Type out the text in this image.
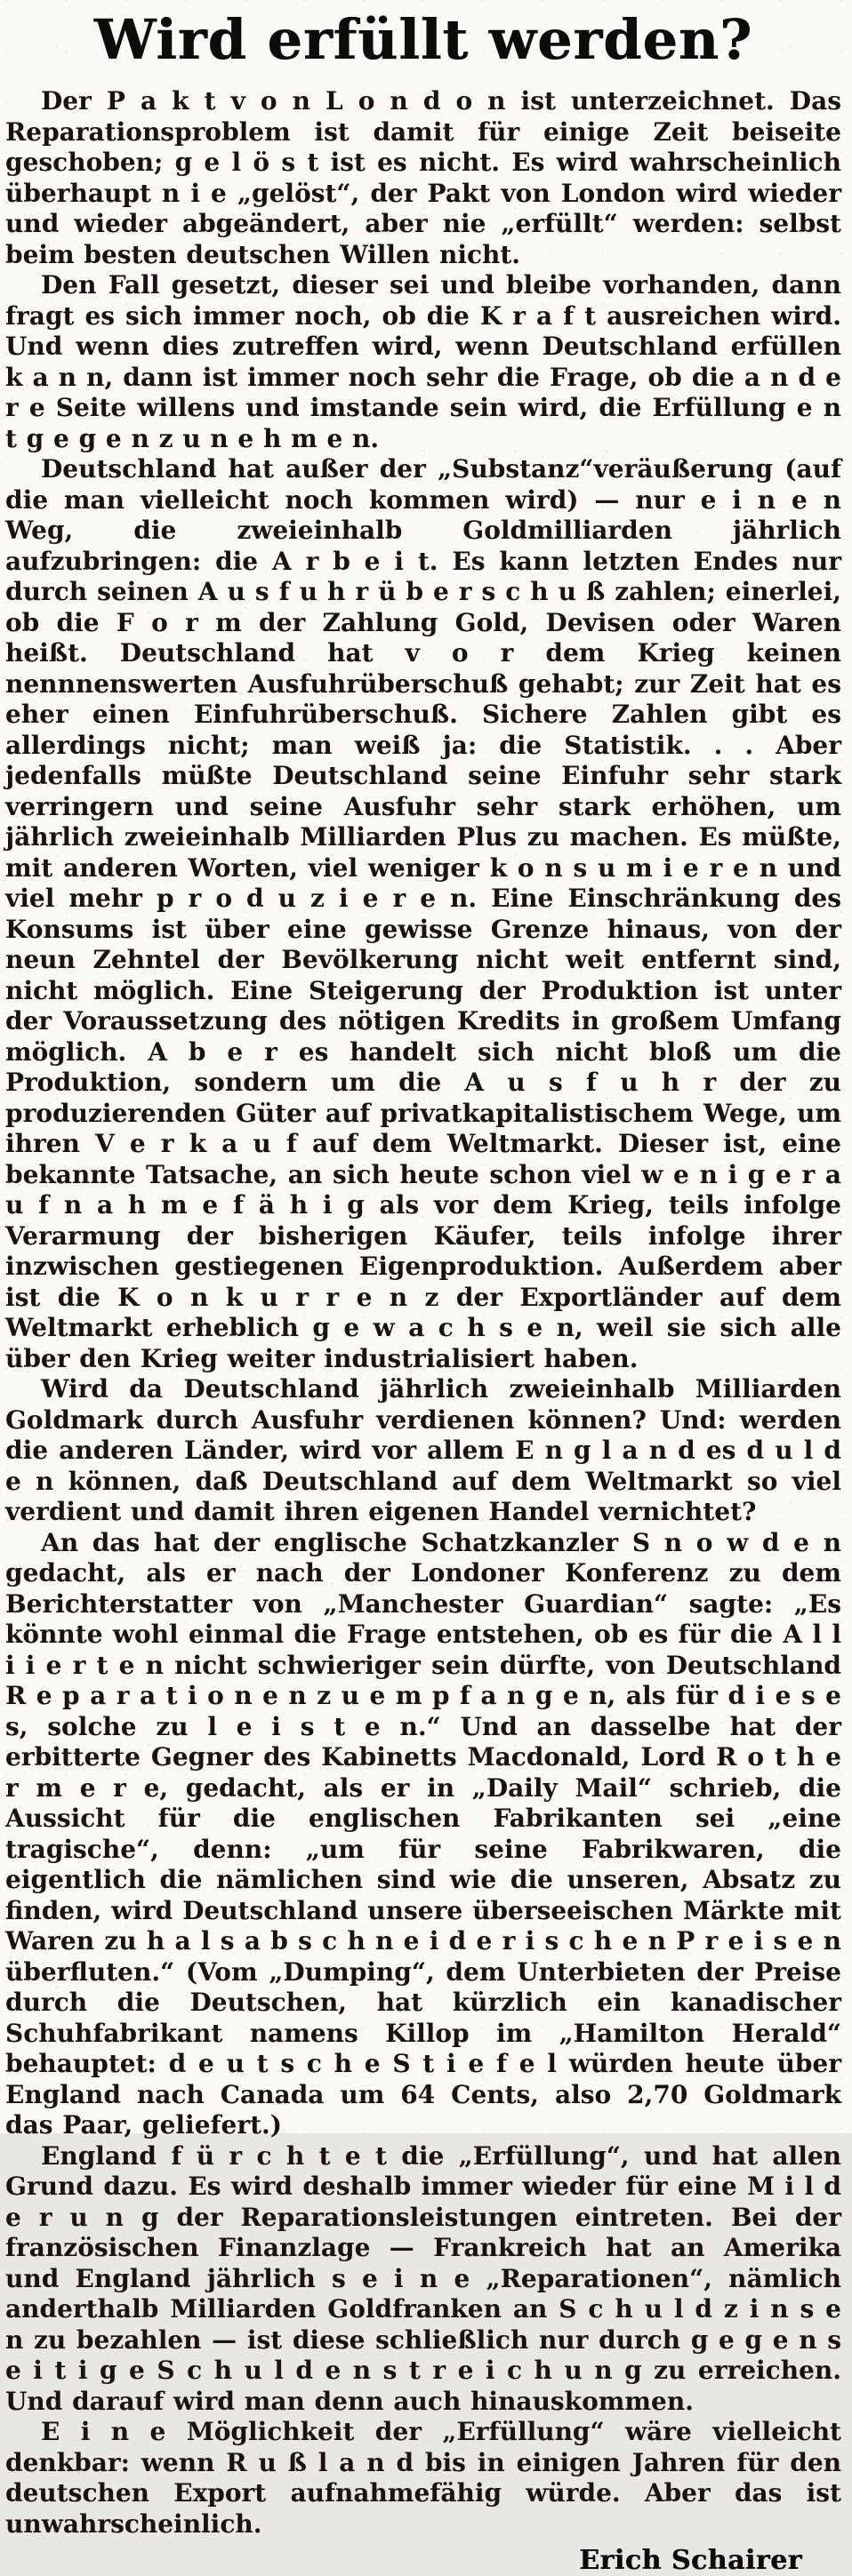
Wird erfüllt werden?

Der P a k t v o n L o n d o n ist unterzeichnet. Das Reparationsproblem ist damit für einige Zeit beiseite geschoben; g e l ö s t ist es nicht. Es wird wahrscheinlich überhaupt n i e „gelöst“, der Pakt von London wird wieder und wieder abgeändert, aber nie „erfüllt“ werden: selbst beim besten deutschen Willen nicht.

Den Fall gesetzt, dieser sei und bleibe vorhanden, dann fragt es sich immer noch, ob die K r a f t ausreichen wird. Und wenn dies zutreffen wird, wenn Deutschland erfüllen k a n n, dann ist immer noch sehr die Frage, ob die a n d e r e Seite willens und imstande sein wird, die Erfüllung e n t g e g e n z u n e h m e n.

Deutschland hat außer der „Substanz“veräußerung (auf die man vielleicht noch kommen wird) — nur e i n e n Weg, die zweieinhalb Goldmilliarden jährlich aufzubringen: die A r b e i t. Es kann letzten Endes nur durch seinen A u s f u h r ü b e r s c h u ß zahlen; einerlei, ob die F o r m der Zahlung Gold, Devisen oder Waren heißt. Deutschland hat v o r dem Krieg keinen nennnenswerten Ausfuhrüberschuß gehabt; zur Zeit hat es eher einen Einfuhrüberschuß. Sichere Zahlen gibt es allerdings nicht; man weiß ja: die Statistik. . . Aber jedenfalls müßte Deutschland seine Einfuhr sehr stark verringern und seine Ausfuhr sehr stark erhöhen, um jährlich zweieinhalb Milliarden Plus zu machen. Es müßte, mit anderen Worten, viel weniger k o n s u m i e r e n und viel mehr p r o d u z i e r e n. Eine Einschränkung des Konsums ist über eine gewisse Grenze hinaus, von der neun Zehntel der Bevölkerung nicht weit entfernt sind, nicht möglich. Eine Steigerung der Produktion ist unter der Voraussetzung des nötigen Kredits in großem Umfang möglich. A b e r es handelt sich nicht bloß um die Produktion, sondern um die A u s f u h r der zu produzierenden Güter auf privatkapitalistischem Wege, um ihren V e r k a u f auf dem Weltmarkt. Dieser ist, eine bekannte Tatsache, an sich heute schon viel w e n i g e r a u f n a h m e f ä h i g als vor dem Krieg, teils infolge Verarmung der bisherigen Käufer, teils infolge ihrer inzwischen gestiegenen Eigenproduktion. Außerdem aber ist die K o n k u r r e n z der Exportländer auf dem Weltmarkt erheblich g e w a c h s e n, weil sie sich alle über den Krieg weiter industrialisiert haben.

Wird da Deutschland jährlich zweieinhalb Milliarden Goldmark durch Ausfuhr verdienen können? Und: werden die anderen Länder, wird vor allem E n g l a n d es d u l d e n können, daß Deutschland auf dem Weltmarkt so viel verdient und damit ihren eigenen Handel vernichtet?

An das hat der englische Schatzkanzler S n o w d e n gedacht, als er nach der Londoner Konferenz zu dem Berichterstatter von „Manchester Guardian“ sagte: „Es könnte wohl einmal die Frage entstehen, ob es für die A l l i i e r t e n nicht schwieriger sein dürfte, von Deutschland R e p a r a t i o n e n z u e m p f a n g e n, als für d i e s e s, solche zu l e i s t e n.“ Und an dasselbe hat der erbitterte Gegner des Kabinetts Macdonald, Lord R o t h e r m e r e, gedacht, als er in „Daily Mail“ schrieb, die Aussicht für die englischen Fabrikanten sei „eine tragische“, denn: „um für seine Fabrikwaren, die eigentlich die nämlichen sind wie die unseren, Absatz zu finden, wird Deutschland unsere überseeischen Märkte mit Waren zu h a l s a b s c h n e i d e r i s c h e n P r e i s e n überfluten.“ (Vom „Dumping“, dem Unterbieten der Preise durch die Deutschen, hat kürzlich ein kanadischer Schuhfabrikant namens Killop im „Hamilton Herald“ behauptet: d e u t s c h e S t i e f e l würden heute über England nach Canada um 64 Cents, also 2,70 Goldmark das Paar, geliefert.)

England f ü r c h t e t die „Erfüllung“, und hat allen Grund dazu. Es wird deshalb immer wieder für eine M i l d e r u n g der Reparationsleistungen eintreten. Bei der französischen Finanzlage — Frankreich hat an Amerika und England jährlich s e i n e „Reparationen“, nämlich anderthalb Milliarden Goldfranken an S c h u l d z i n s e n zu bezahlen — ist diese schließlich nur durch g e g e n s e i t i g e S c h u l d e n s t r e i c h u n g zu erreichen. Und darauf wird man denn auch hinauskommen.

E i n e Möglichkeit der „Erfüllung“ wäre vielleicht denkbar: wenn R u ß l a n d bis in einigen Jahren für den deutschen Export aufnahmefähig würde. Aber das ist unwahrscheinlich.

Erich Schairer
